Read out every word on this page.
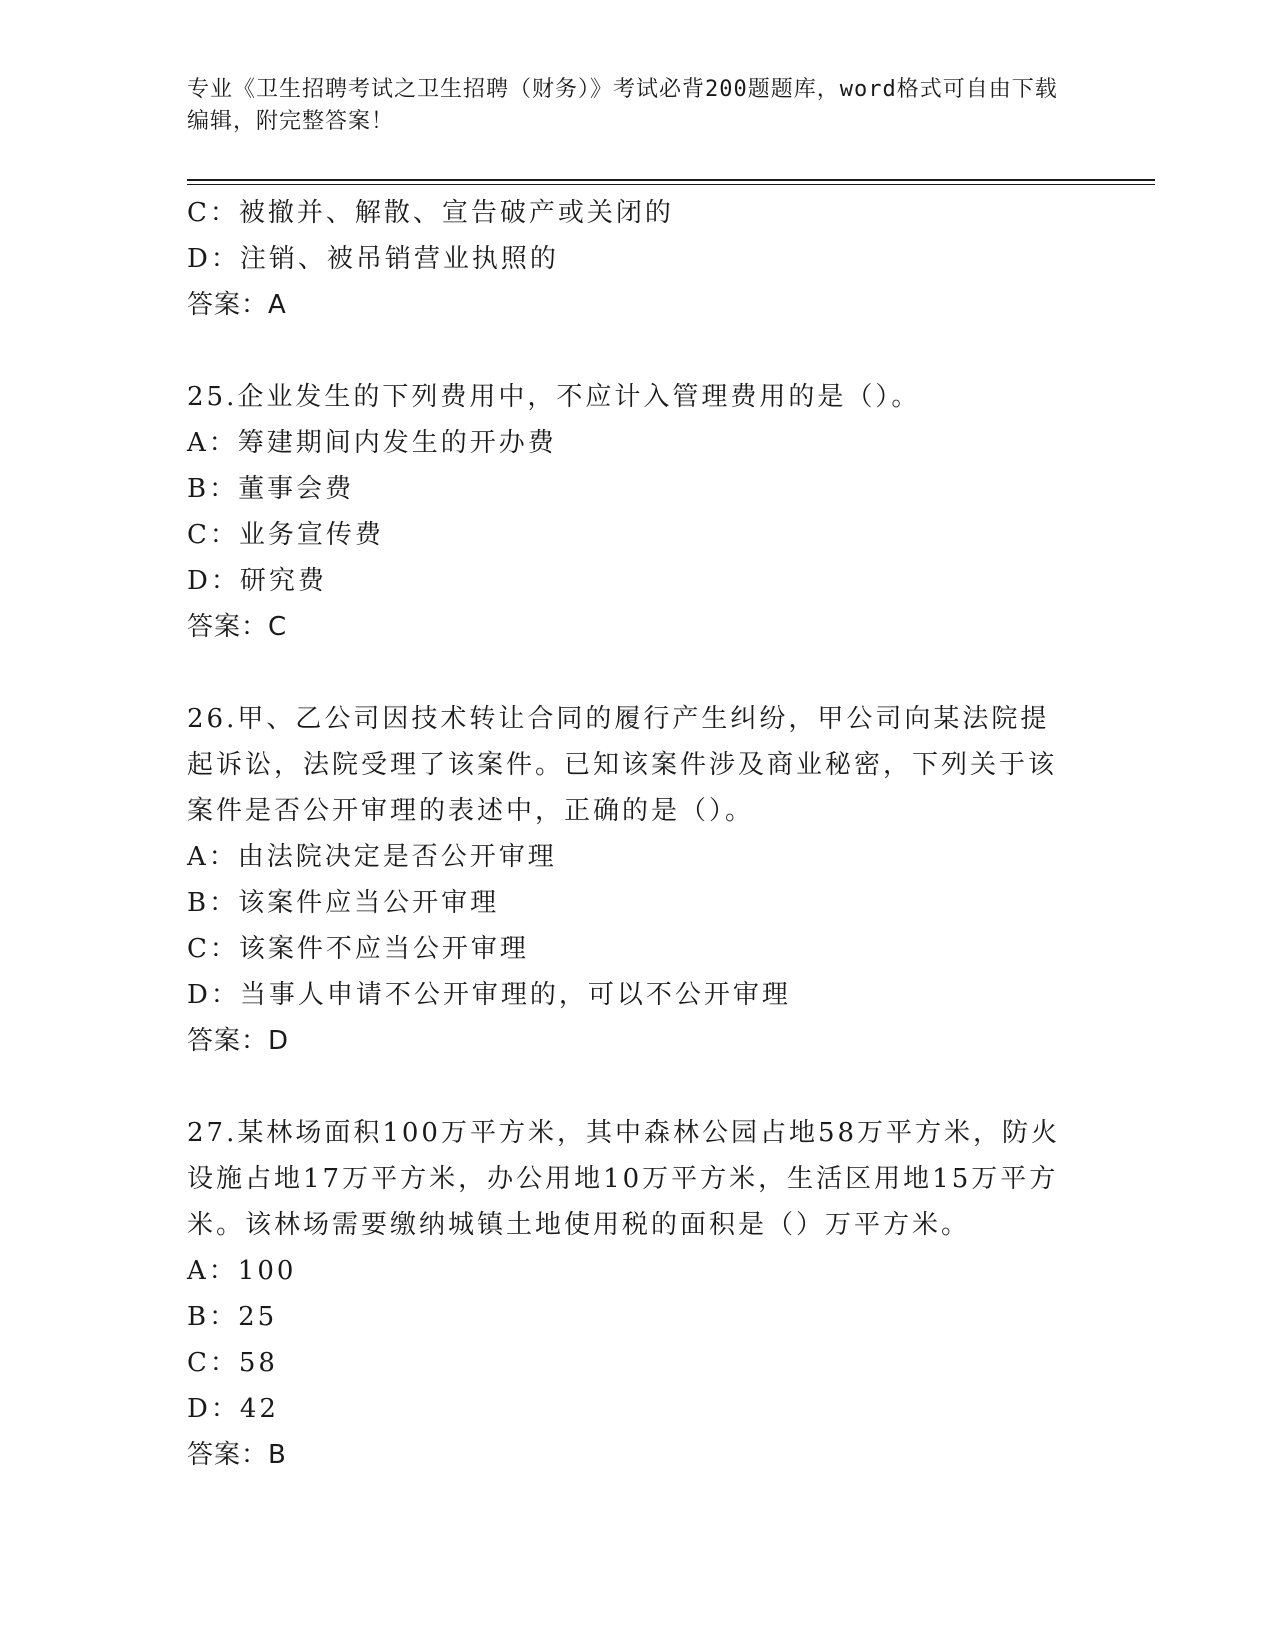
专业《卫生招聘考试之卫生招聘（财务）》考试必背200题题库，word格式可自由下载编辑，附完整答案！
C：被撤并、解散、宣告破产或关闭的
D：注销、被吊销营业执照的
答案：A
25.企业发生的下列费用中，不应计入管理费用的是（）。
A：筹建期间内发生的开办费
B：董事会费
C：业务宣传费
D：研究费
答案：C
26.甲、乙公司因技术转让合同的履行产生纠纷，甲公司向某法院提起诉讼，法院受理了该案件。已知该案件涉及商业秘密，下列关于该案件是否公开审理的表述中，正确的是（）。
A：由法院决定是否公开审理
B：该案件应当公开审理
C：该案件不应当公开审理
D：当事人申请不公开审理的，可以不公开审理
答案：D
27.某林场面积100万平方米，其中森林公园占地58万平方米，防火设施占地17万平方米，办公用地10万平方米，生活区用地15万平方米。该林场需要缴纳城镇土地使用税的面积是（）万平方米。
A：100
B：25
C：58
D：42
答案：B
